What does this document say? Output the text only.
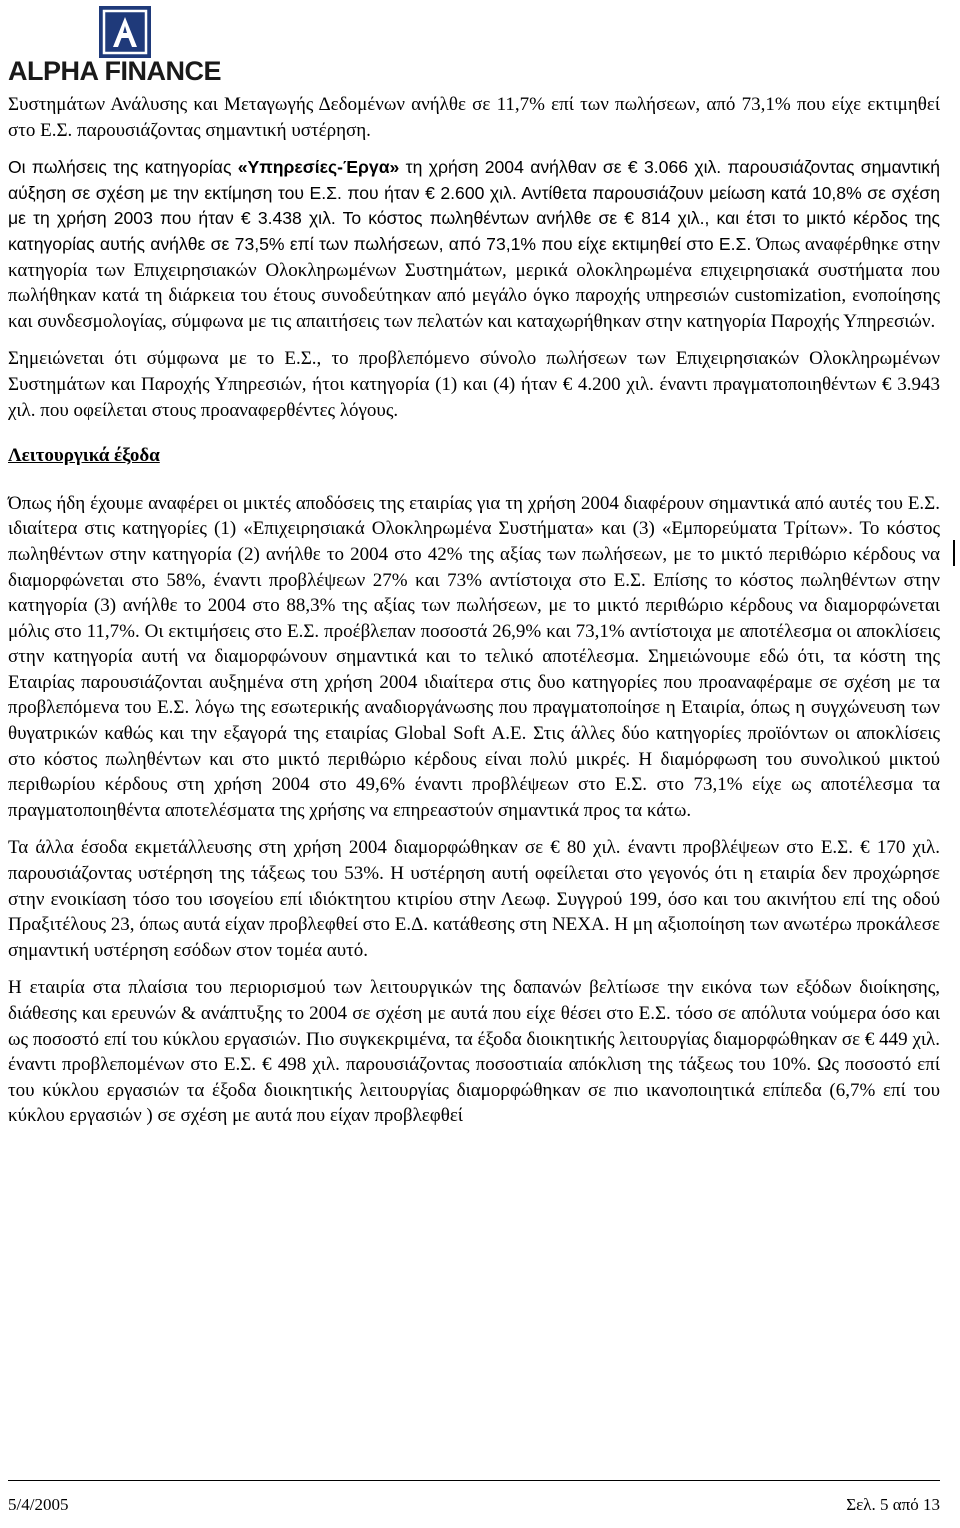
ALPHA FINANCE

Συστημάτων Ανάλυσης και Μεταγωγής Δεδομένων ανήλθε σε 11,7% επί των πωλήσεων, από 73,1% που είχε εκτιμηθεί στο Ε.Σ. παρουσιάζοντας σημαντική υστέρηση.

Οι πωλήσεις της κατηγορίας «Υπηρεσίες-Έργα» τη χρήση 2004 ανήλθαν σε € 3.066 χιλ. παρουσιάζοντας σημαντική αύξηση σε σχέση με την εκτίμηση του Ε.Σ. που ήταν € 2.600 χιλ. Αντίθετα παρουσιάζουν μείωση κατά 10,8% σε σχέση με τη χρήση 2003 που ήταν € 3.438 χιλ. Το κόστος πωληθέντων ανήλθε σε € 814 χιλ., και έτσι το μικτό κέρδος της κατηγορίας αυτής ανήλθε σε 73,5% επί των πωλήσεων, από 73,1% που είχε εκτιμηθεί στο Ε.Σ. Όπως αναφέρθηκε στην κατηγορία των Επιχειρησιακών Ολοκληρωμένων Συστημάτων, μερικά ολοκληρωμένα επιχειρησιακά συστήματα που πωλήθηκαν κατά τη διάρκεια του έτους συνοδεύτηκαν από μεγάλο όγκο παροχής υπηρεσιών customization, ενοποίησης και συνδεσμολογίας, σύμφωνα με τις απαιτήσεις των πελατών και καταχωρήθηκαν στην κατηγορία Παροχής Υπηρεσιών.

Σημειώνεται ότι σύμφωνα με το Ε.Σ., το προβλεπόμενο σύνολο πωλήσεων των Επιχειρησιακών Ολοκληρωμένων Συστημάτων και Παροχής Υπηρεσιών, ήτοι κατηγορία (1) και (4) ήταν € 4.200 χιλ. έναντι πραγματοποιηθέντων € 3.943 χιλ. που οφείλεται στους προαναφερθέντες λόγους.

Λειτουργικά έξοδα

Όπως ήδη έχουμε αναφέρει οι μικτές αποδόσεις της εταιρίας για τη χρήση 2004 διαφέρουν σημαντικά από αυτές του Ε.Σ. ιδιαίτερα στις κατηγορίες (1) «Επιχειρησιακά Ολοκληρωμένα Συστήματα» και (3) «Εμπορεύματα Τρίτων». Το κόστος πωληθέντων στην κατηγορία (2) ανήλθε το 2004 στο 42% της αξίας των πωλήσεων, με το μικτό περιθώριο κέρδους να διαμορφώνεται στο 58%, έναντι προβλέψεων 27% και 73% αντίστοιχα στο Ε.Σ. Επίσης το κόστος πωληθέντων στην κατηγορία (3) ανήλθε το 2004 στο 88,3% της αξίας των πωλήσεων, με το μικτό περιθώριο κέρδους να διαμορφώνεται μόλις στο 11,7%. Οι εκτιμήσεις στο Ε.Σ. προέβλεπαν ποσοστά 26,9% και 73,1% αντίστοιχα με αποτέλεσμα οι αποκλίσεις στην κατηγορία αυτή να διαμορφώνουν σημαντικά και το τελικό αποτέλεσμα. Σημειώνουμε εδώ ότι, τα κόστη της Εταιρίας παρουσιάζονται αυξημένα στη χρήση 2004 ιδιαίτερα στις δυο κατηγορίες που προαναφέραμε σε σχέση με τα προβλεπόμενα του Ε.Σ. λόγω της εσωτερικής αναδιοργάνωσης που πραγματοποίησε η Εταιρία, όπως η συγχώνευση των θυγατρικών καθώς και την εξαγορά της εταιρίας Global Soft Α.Ε. Στις άλλες δύο κατηγορίες προϊόντων οι αποκλίσεις στο κόστος πωληθέντων και στο μικτό περιθώριο κέρδους είναι πολύ μικρές. Η διαμόρφωση του συνολικού μικτού περιθωρίου κέρδους στη χρήση 2004 στο 49,6% έναντι προβλέψεων στο Ε.Σ. στο 73,1% είχε ως αποτέλεσμα τα πραγματοποιηθέντα αποτελέσματα της χρήσης να επηρεαστούν σημαντικά προς τα κάτω.

Τα άλλα έσοδα εκμετάλλευσης στη χρήση 2004 διαμορφώθηκαν σε € 80 χιλ. έναντι προβλέψεων στο Ε.Σ. € 170 χιλ. παρουσιάζοντας υστέρηση της τάξεως του 53%. Η υστέρηση αυτή οφείλεται στο γεγονός ότι η εταιρία δεν προχώρησε στην ενοικίαση τόσο του ισογείου επί ιδιόκτητου κτιρίου στην Λεωφ. Συγγρού 199, όσο και του ακινήτου επί της οδού Πραξιτέλους 23, όπως αυτά είχαν προβλεφθεί στο Ε.Δ. κατάθεσης στη ΝΕΧΑ. Η μη αξιοποίηση των ανωτέρω προκάλεσε σημαντική υστέρηση εσόδων στον τομέα αυτό.

Η εταιρία στα πλαίσια του περιορισμού των λειτουργικών της δαπανών βελτίωσε την εικόνα των εξόδων διοίκησης, διάθεσης και ερευνών & ανάπτυξης το 2004 σε σχέση με αυτά που είχε θέσει στο Ε.Σ. τόσο σε απόλυτα νούμερα όσο και ως ποσοστό επί του κύκλου εργασιών. Πιο συγκεκριμένα, τα έξοδα διοικητικής λειτουργίας διαμορφώθηκαν σε € 449 χιλ. έναντι προβλεπομένων στο Ε.Σ. € 498 χιλ. παρουσιάζοντας ποσοστιαία απόκλιση της τάξεως του 10%. Ως ποσοστό επί του κύκλου εργασιών τα έξοδα διοικητικής λειτουργίας διαμορφώθηκαν σε πιο ικανοποιητικά επίπεδα (6,7% επί του κύκλου εργασιών ) σε σχέση με αυτά που είχαν προβλεφθεί

5/4/2005	Σελ. 5 από 13
